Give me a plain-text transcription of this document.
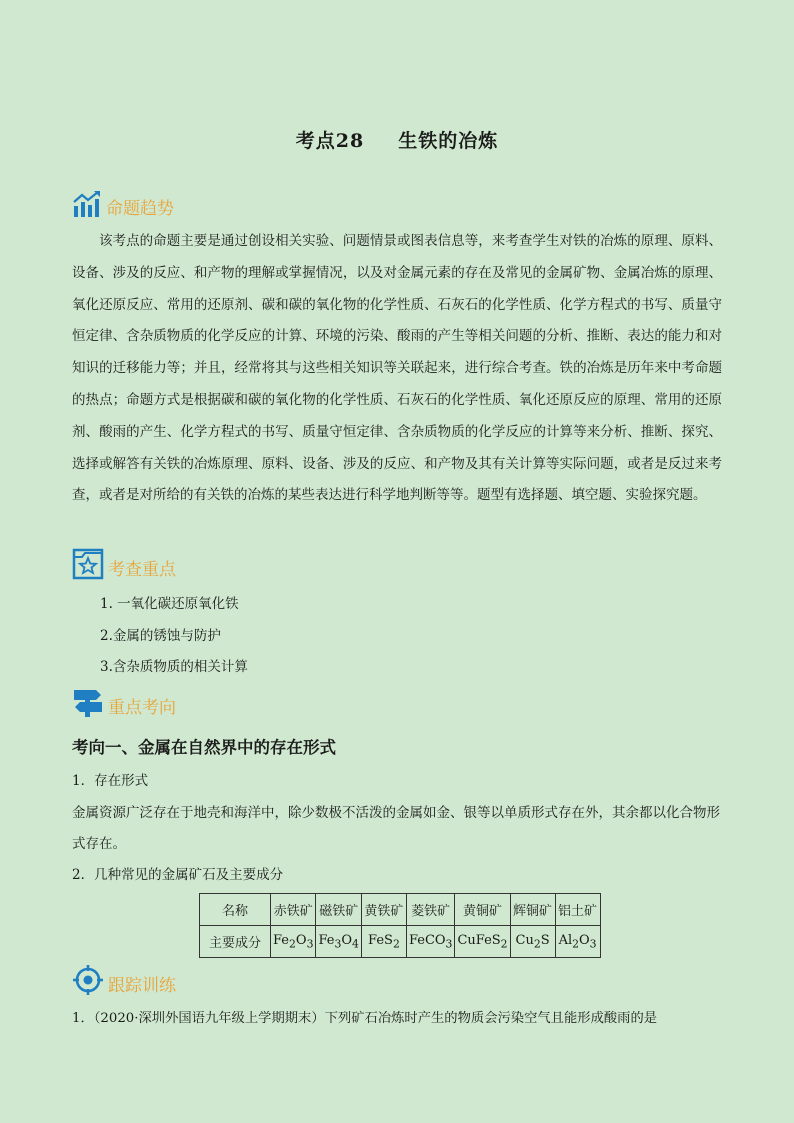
考点28 生铁的冶炼
命题趋势
该考点的命题主要是通过创设相关实验、问题情景或图表信息等，来考查学生对铁的冶炼的原理、原料、设备、涉及的反应、和产物的理解或掌握情况，以及对金属元素的存在及常见的金属矿物、金属冶炼的原理、氧化还原反应、常用的还原剂、碳和碳的氧化物的化学性质、石灰石的化学性质、化学方程式的书写、质量守恒定律、含杂质物质的化学反应的计算、环境的污染、酸雨的产生等相关问题的分析、推断、表达的能力和对知识的迁移能力等；并且，经常将其与这些相关知识等关联起来，进行综合考查。铁的冶炼是历年来中考命题的热点；命题方式是根据碳和碳的氧化物的化学性质、石灰石的化学性质、氧化还原反应的原理、常用的还原剂、酸雨的产生、化学方程式的书写、质量守恒定律、含杂质物质的化学反应的计算等来分析、推断、探究、选择或解答有关铁的冶炼原理、原料、设备、涉及的反应、和产物及其有关计算等实际问题，或者是反过来考查，或者是对所给的有关铁的冶炼的某些表达进行科学地判断等等。题型有选择题、填空题、实验探究题。
考查重点
1. 一氧化碳还原氧化铁
2.金属的锈蚀与防护
3.含杂质物质的相关计算
重点考向
考向一、金属在自然界中的存在形式
1．存在形式
金属资源广泛存在于地壳和海洋中，除少数极不活泼的金属如金、银等以单质形式存在外，其余都以化合物形式存在。
2．几种常见的金属矿石及主要成分
名称	赤铁矿	磁铁矿	黄铁矿	菱铁矿	黄铜矿	辉铜矿	铝土矿
主要成分	$Fe_2O_3$	$Fe_3O_4$	FeS$_2$	FeCO$_3$	CuFeS$_2$	$Cu_2S$	$Al_2O_3$
跟踪训练
1．（2020·深圳外国语九年级上学期期末）下列矿石冶炼时产生的物质会污染空气且能形成酸雨的是
